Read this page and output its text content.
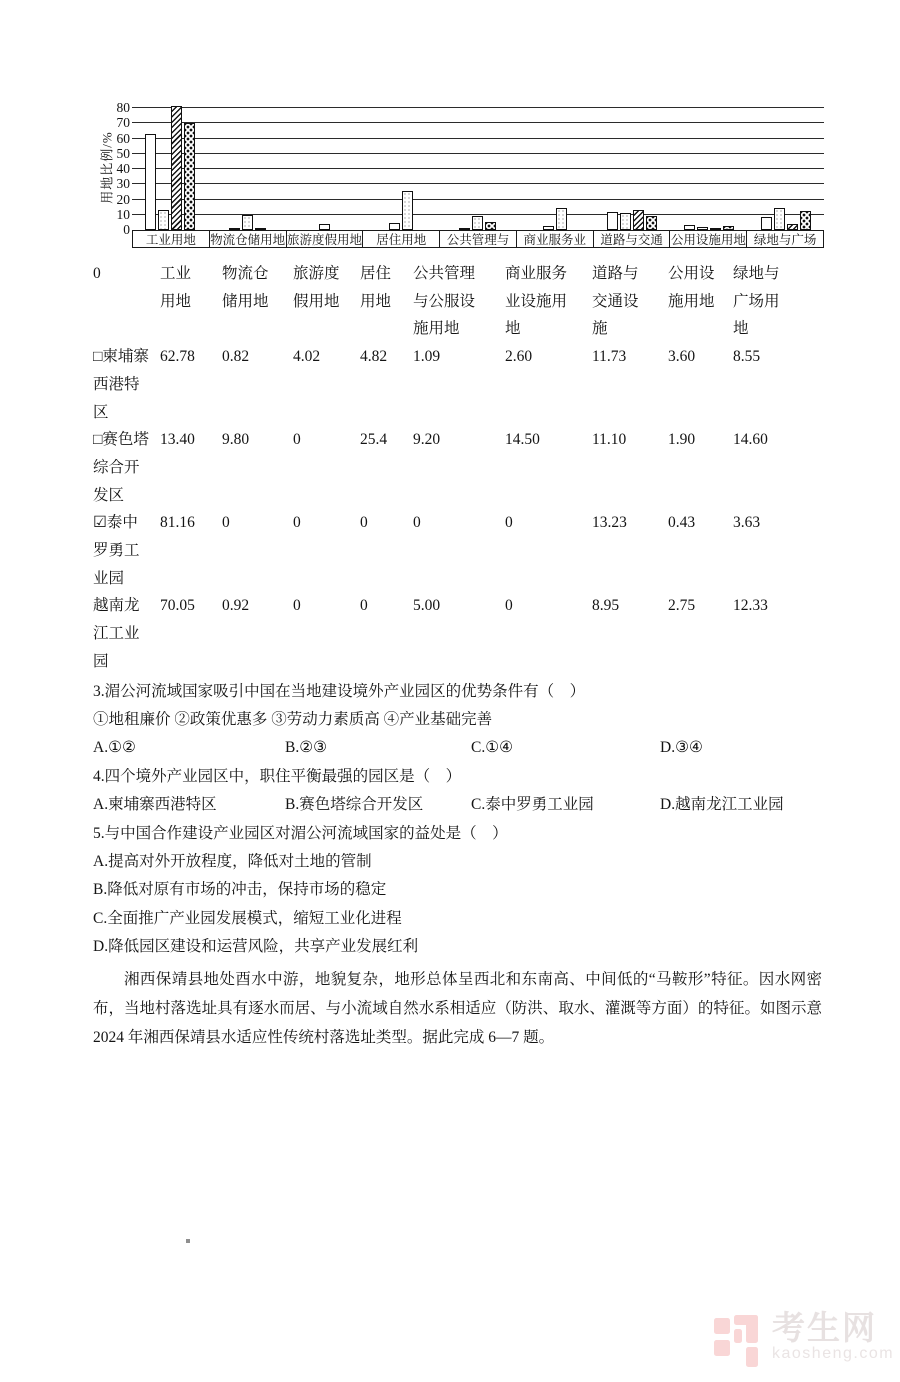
用地比例/%
0
10
20
30
40
50
60
70
80
工业用地	物流仓储用地 旅游度假用地	居住用地	公共管理与	商业服务业	道路与交通 公用设施用地 绿地与广场
0	工业用地	物流仓储用地	旅游度假用地	居住用地	公共管理与公服设施用地	商业服务业设施用地	道路与交通设施	公用设施用地	绿地与广场用地

□柬埔寨西港特区	62.78	0.82	4.02	4.82	1.09	2.60	11.73	3.60	8.55

□赛色塔综合开发区	13.40	9.80	0	25.4	9.20	14.50	11.10	1.90	14.60

☑泰中罗勇工业园	81.16	0	0	0	0	0	13.23	0.43	3.63

越南龙江工业园	70.05	0.92	0	0	5.00	0	8.95	2.75	12.33
3.湄公河流域国家吸引中国在当地建设境外产业园区的优势条件有（　）
①地租廉价 ②政策优惠多 ③劳动力素质高 ④产业基础完善
A.①②	B.②③	C.①④	D.③④
4.四个境外产业园区中，职住平衡最强的园区是（　）
A.柬埔寨西港特区	B.赛色塔综合开发区	C.泰中罗勇工业园	D.越南龙江工业园
5.与中国合作建设产业园区对湄公河流域国家的益处是（　）
A.提高对外开放程度，降低对土地的管制
B.降低对原有市场的冲击，保持市场的稳定
C.全面推广产业园发展模式，缩短工业化进程
D.降低园区建设和运营风险，共享产业发展红利
湘西保靖县地处酉水中游，地貌复杂，地形总体呈西北和东南高、中间低的“马鞍形”特征。因水网密布，当地村落选址具有逐水而居、与小流域自然水系相适应（防洪、取水、灌溉等方面）的特征。如图示意 2024 年湘西保靖县水适应性传统村落选址类型。据此完成 6—7 题。
考生网
kaosheng.com
